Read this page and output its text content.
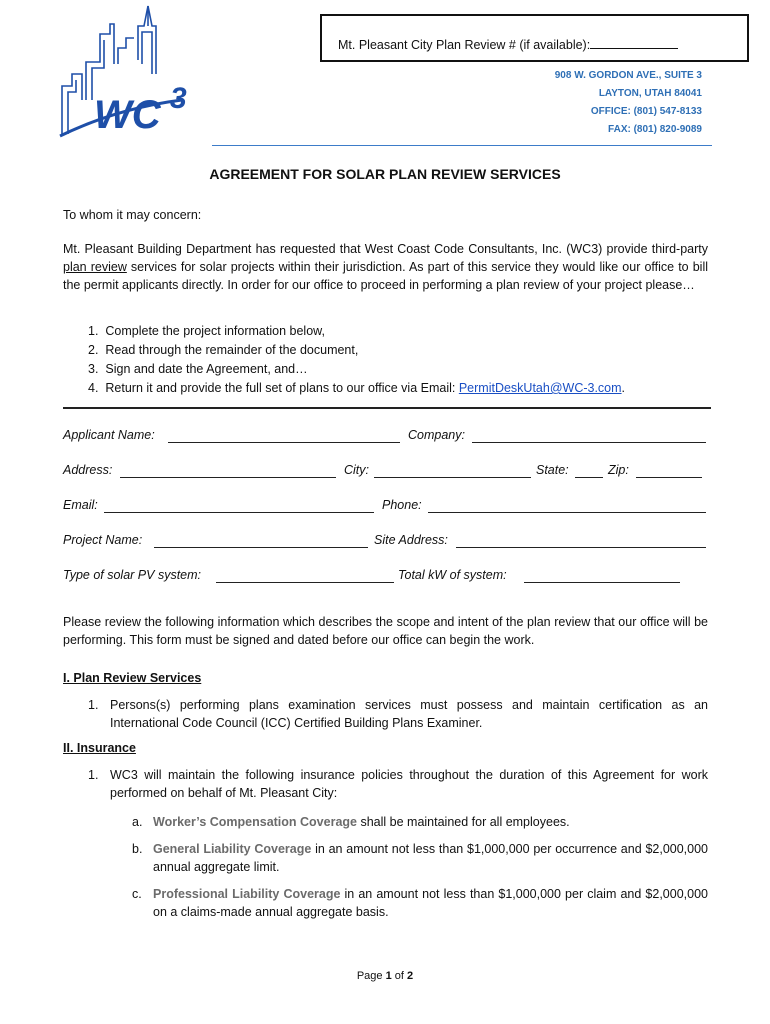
WC 3
Mt. Pleasant City Plan Review # (if available):
908 W. GORDON AVE., SUITE 3
LAYTON, UTAH 84041
OFFICE: (801) 547-8133
FAX: (801) 820-9089
AGREEMENT FOR SOLAR PLAN REVIEW SERVICES
To whom it may concern:
Mt. Pleasant Building Department has requested that West Coast Code Consultants, Inc. (WC3) provide third-party plan review services for solar projects within their jurisdiction. As part of this service they would like our office to bill the permit applicants directly. In order for our office to proceed in performing a plan review of your project please…
1. Complete the project information below,
2. Read through the remainder of the document,
3. Sign and date the Agreement, and…
4. Return it and provide the full set of plans to our office via Email: PermitDeskUtah@WC-3.com.
Applicant Name:	Company:
Address:	City:	State:	Zip:
Email:	Phone:
Project Name:	Site Address:
Type of solar PV system:	Total kW of system:
Please review the following information which describes the scope and intent of the plan review that our office will be performing. This form must be signed and dated before our office can begin the work.
I. Plan Review Services
1. Persons(s) performing plans examination services must possess and maintain certification as an International Code Council (ICC) Certified Building Plans Examiner.
II. Insurance
1. WC3 will maintain the following insurance policies throughout the duration of this Agreement for work performed on behalf of Mt. Pleasant City:
a. Worker’s Compensation Coverage shall be maintained for all employees.
b. General Liability Coverage in an amount not less than $1,000,000 per occurrence and $2,000,000 annual aggregate limit.
c. Professional Liability Coverage in an amount not less than $1,000,000 per claim and $2,000,000 on a claims-made annual aggregate basis.
Page 1 of 2
